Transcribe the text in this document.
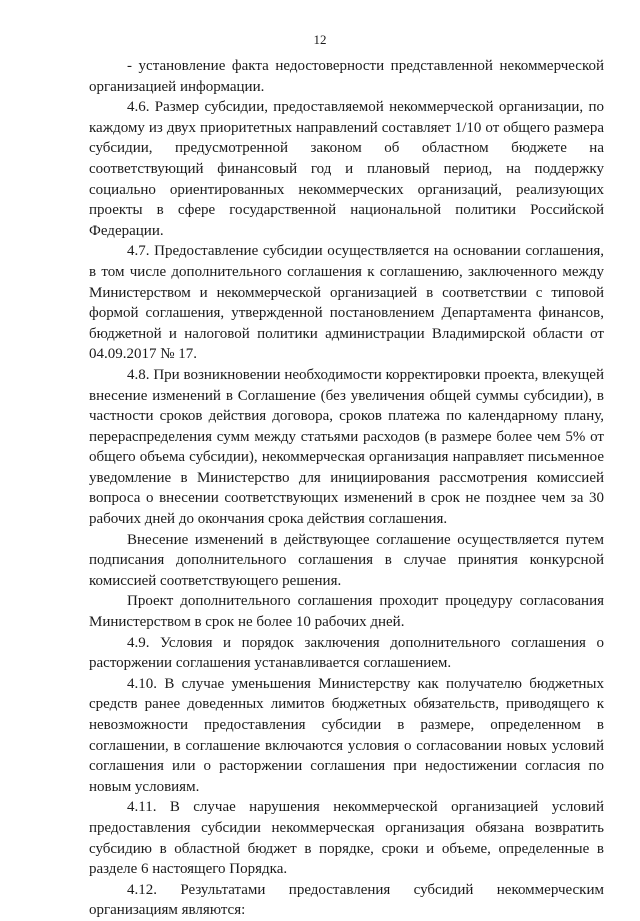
12

- установление факта недостоверности представленной некоммерческой организацией информации.

4.6. Размер субсидии, предоставляемой некоммерческой организации, по каждому из двух приоритетных направлений составляет 1/10 от общего размера субсидии, предусмотренной законом об областном бюджете на соответствующий финансовый год и плановый период, на поддержку социально ориентированных некоммерческих организаций, реализующих проекты в сфере государственной национальной политики Российской Федерации.

4.7. Предоставление субсидии осуществляется на основании соглашения, в том числе дополнительного соглашения к соглашению, заключенного между Министерством и некоммерческой организацией в соответствии с типовой формой соглашения, утвержденной постановлением Департамента финансов, бюджетной и налоговой политики администрации Владимирской области от 04.09.2017 № 17.

4.8. При возникновении необходимости корректировки проекта, влекущей внесение изменений в Соглашение (без увеличения общей суммы субсидии), в частности сроков действия договора, сроков платежа по календарному плану, перераспределения сумм между статьями расходов (в размере более чем 5% от общего объема субсидии), некоммерческая организация направляет письменное уведомление в Министерство для инициирования рассмотрения комиссией вопроса о внесении соответствующих изменений в срок не позднее чем за 30 рабочих дней до окончания срока действия соглашения.

Внесение изменений в действующее соглашение осуществляется путем подписания дополнительного соглашения в случае принятия конкурсной комиссией соответствующего решения.

Проект дополнительного соглашения проходит процедуру согласования Министерством в срок не более 10 рабочих дней.

4.9. Условия и порядок заключения дополнительного соглашения о расторжении соглашения устанавливается соглашением.

4.10. В случае уменьшения Министерству как получателю бюджетных средств ранее доведенных лимитов бюджетных обязательств, приводящего к невозможности предоставления субсидии в размере, определенном в соглашении, в соглашение включаются условия о согласовании новых условий соглашения или о расторжении соглашения при недостижении согласия по новым условиям.

4.11. В случае нарушения некоммерческой организацией условий предоставления субсидии некоммерческая организация обязана возвратить субсидию в областной бюджет в порядке, сроки и объеме, определенные в разделе 6 настоящего Порядка.

4.12. Результатами предоставления субсидий некоммерческим организациям являются:
